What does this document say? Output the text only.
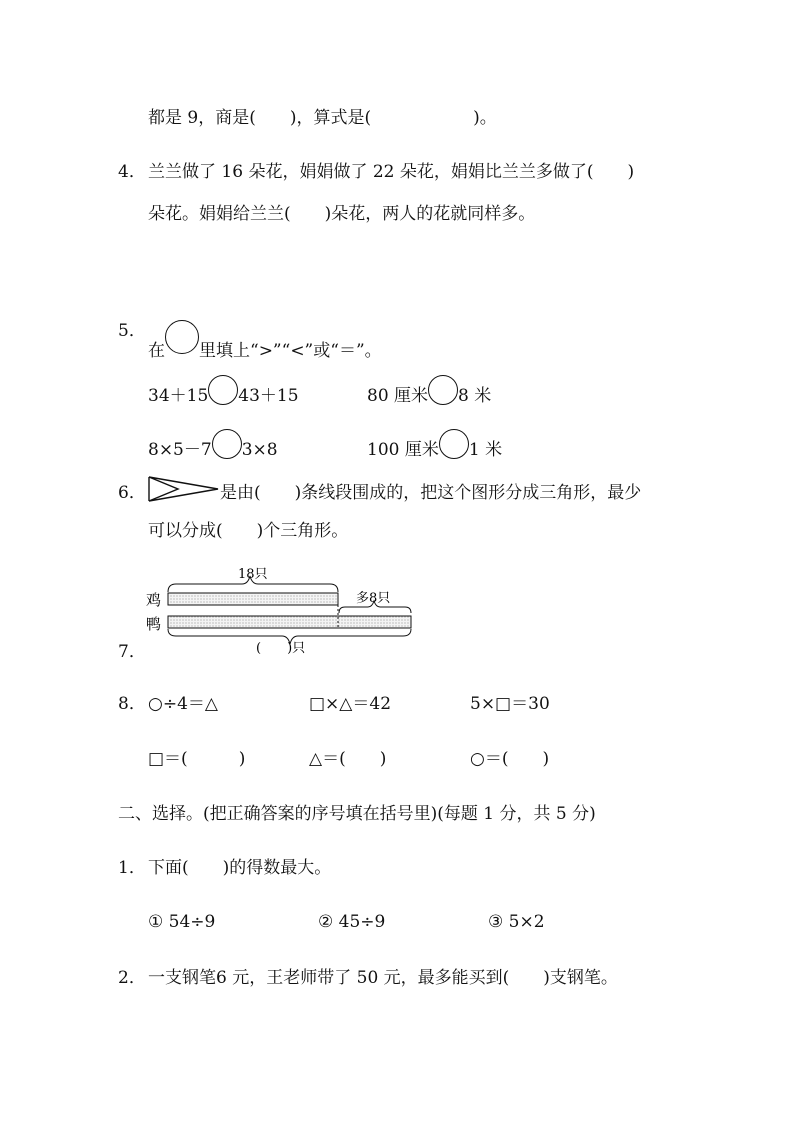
都是 9，商是(　　)，算式是(　　　　　　)。
4． 兰兰做了 16 朵花，娟娟做了 22 朵花，娟娟比兰兰多做了(　　)
朵花。娟娟给兰兰(　　)朵花，两人的花就同样多。
5．
在 里填上“>”“<”或“＝”。
34＋15 43＋15	80 厘米 8 米
8×5－7 3×8	100 厘米 1 米
6．	是由(　　)条线段围成的，把这个图形分成三角形，最少
可以分成(　　)个三角形。
7．
18只
鸡
鸭
多8只
(　　)只
8． ○÷4＝△	□×△＝42	5×□＝30
□＝(　　　)	△＝(　　)	○＝(　　)
二、选择。(把正确答案的序号填在括号里)(每题 1 分，共 5 分)
1． 下面(　　)的得数最大。
① 54÷9	② 45÷9	③ 5×2
2． 一支钢笔6 元，王老师带了 50 元，最多能买到(　　)支钢笔。
